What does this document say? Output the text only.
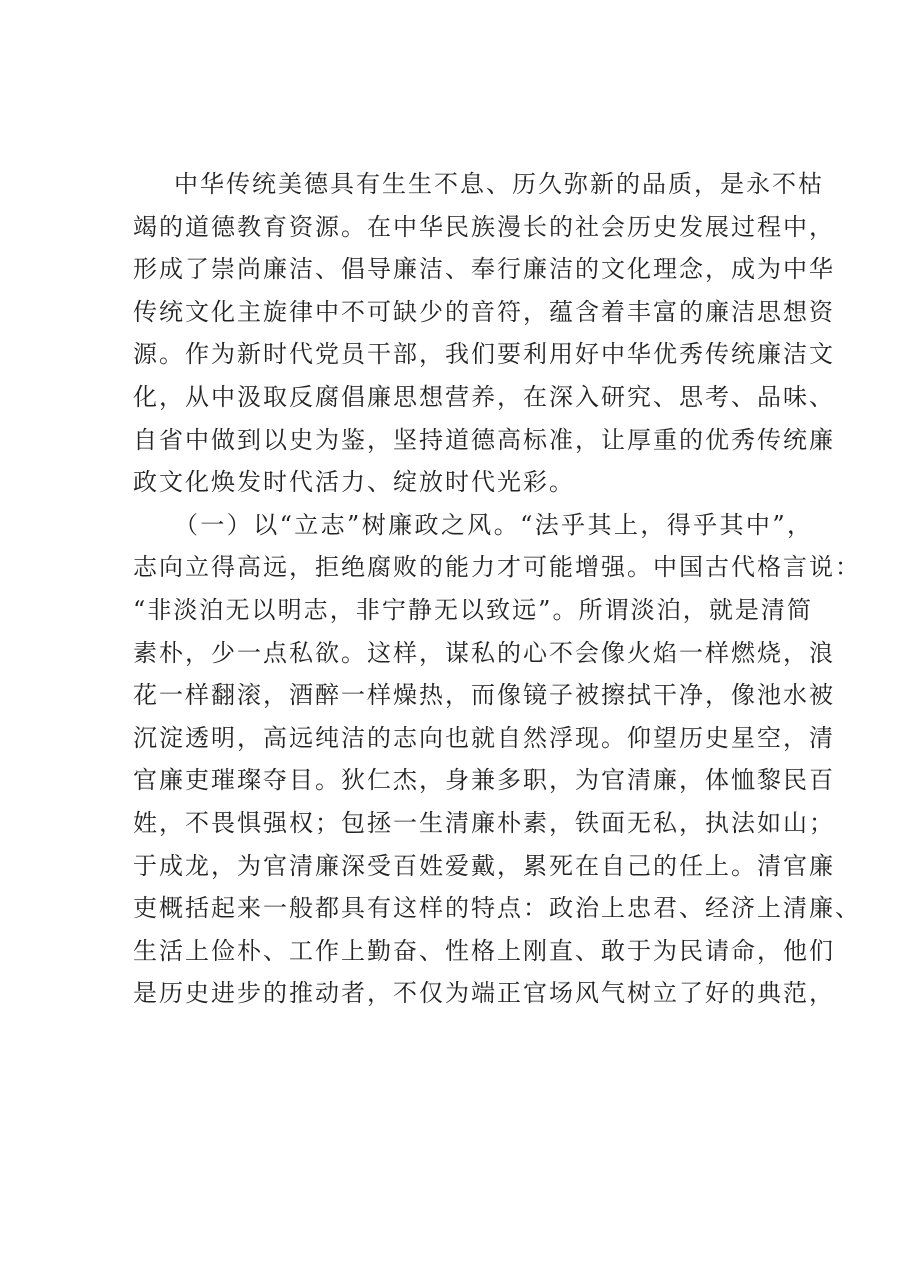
中华传统美德具有生生不息、历久弥新的品质，是永不枯
竭的道德教育资源。在中华民族漫长的社会历史发展过程中，
形成了崇尚廉洁、倡导廉洁、奉行廉洁的文化理念，成为中华
传统文化主旋律中不可缺少的音符，蕴含着丰富的廉洁思想资
源。作为新时代党员干部，我们要利用好中华优秀传统廉洁文
化，从中汲取反腐倡廉思想营养，在深入研究、思考、品味、
自省中做到以史为鉴，坚持道德高标准，让厚重的优秀传统廉
政文化焕发时代活力、绽放时代光彩。
（一）以“立志”树廉政之风。“法乎其上，得乎其中”，
志向立得高远，拒绝腐败的能力才可能增强。中国古代格言说：
“非淡泊无以明志，非宁静无以致远”。所谓淡泊，就是清简
素朴，少一点私欲。这样，谋私的心不会像火焰一样燃烧，浪
花一样翻滚，酒醉一样燥热，而像镜子被擦拭干净，像池水被
沉淀透明，高远纯洁的志向也就自然浮现。仰望历史星空，清
官廉吏璀璨夺目。狄仁杰，身兼多职，为官清廉，体恤黎民百
姓，不畏惧强权；包拯一生清廉朴素，铁面无私，执法如山；
于成龙，为官清廉深受百姓爱戴，累死在自己的任上。清官廉
吏概括起来一般都具有这样的特点：政治上忠君、经济上清廉、
生活上俭朴、工作上勤奋、性格上刚直、敢于为民请命，他们
是历史进步的推动者，不仅为端正官场风气树立了好的典范，
